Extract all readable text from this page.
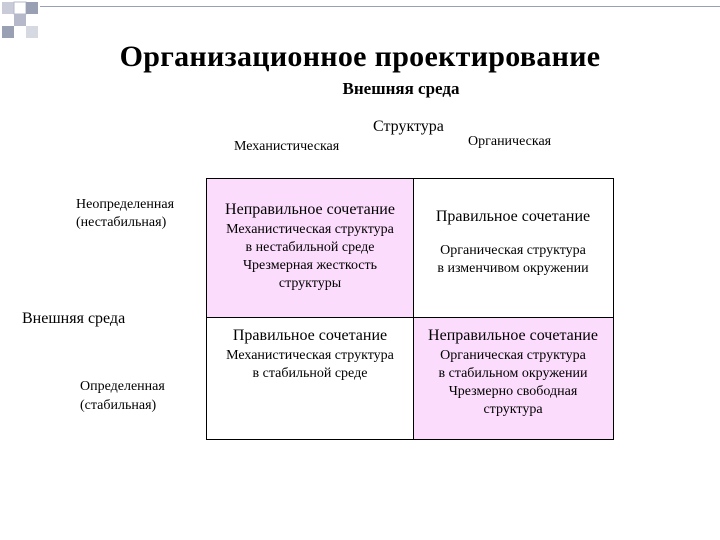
Организационное проектирование
Внешняя среда
Структура
Механистическая	Органическая
Неопределенная
(нестабильная)
Внешняя среда
Определенная
(стабильная)
Неправильное сочетание
Механистическая структура
в нестабильной среде
Чрезмерная жесткость
структуры
Правильное сочетание
Органическая структура
в изменчивом окружении
Правильное сочетание
Механистическая структура
в стабильной среде
Неправильное сочетание
Органическая структура
в стабильном окружении
Чрезмерно свободная
структура
